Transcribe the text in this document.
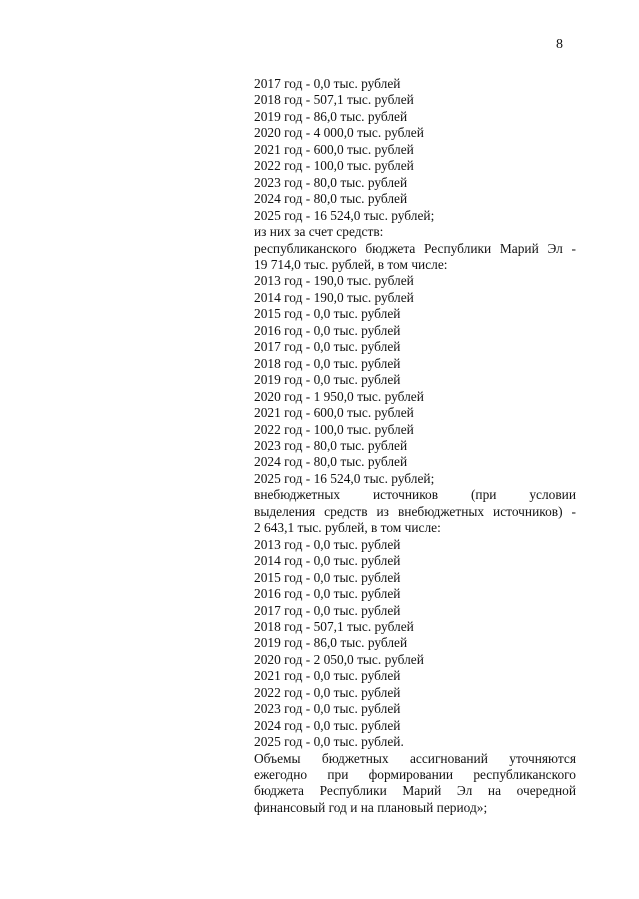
8
2017 год - 0,0 тыс. рублей
2018 год - 507,1 тыс. рублей
2019 год - 86,0 тыс. рублей
2020 год - 4 000,0 тыс. рублей
2021 год - 600,0 тыс. рублей
2022 год - 100,0 тыс. рублей
2023 год - 80,0 тыс. рублей
2024 год - 80,0 тыс. рублей
2025 год - 16 524,0 тыс. рублей;
из них за счет средств:
республиканского бюджета Республики Марий Эл -
19 714,0 тыс. рублей, в том числе:
2013 год - 190,0 тыс. рублей
2014 год - 190,0 тыс. рублей
2015 год - 0,0 тыс. рублей
2016 год - 0,0 тыс. рублей
2017 год - 0,0 тыс. рублей
2018 год - 0,0 тыс. рублей
2019 год - 0,0 тыс. рублей
2020 год - 1 950,0 тыс. рублей
2021 год - 600,0 тыс. рублей
2022 год - 100,0 тыс. рублей
2023 год - 80,0 тыс. рублей
2024 год - 80,0 тыс. рублей
2025 год - 16 524,0 тыс. рублей;
внебюджетных источников (при условии
выделения средств из внебюджетных источников) -
2 643,1 тыс. рублей, в том числе:
2013 год - 0,0 тыс. рублей
2014 год - 0,0 тыс. рублей
2015 год - 0,0 тыс. рублей
2016 год - 0,0 тыс. рублей
2017 год - 0,0 тыс. рублей
2018 год - 507,1 тыс. рублей
2019 год - 86,0 тыс. рублей
2020 год - 2 050,0 тыс. рублей
2021 год - 0,0 тыс. рублей
2022 год - 0,0 тыс. рублей
2023 год - 0,0 тыс. рублей
2024 год - 0,0 тыс. рублей
2025 год - 0,0 тыс. рублей.
Объемы бюджетных ассигнований уточняются ежегодно при формировании республиканского бюджета Республики Марий Эл на очередной финансовый год и на плановый период»;
